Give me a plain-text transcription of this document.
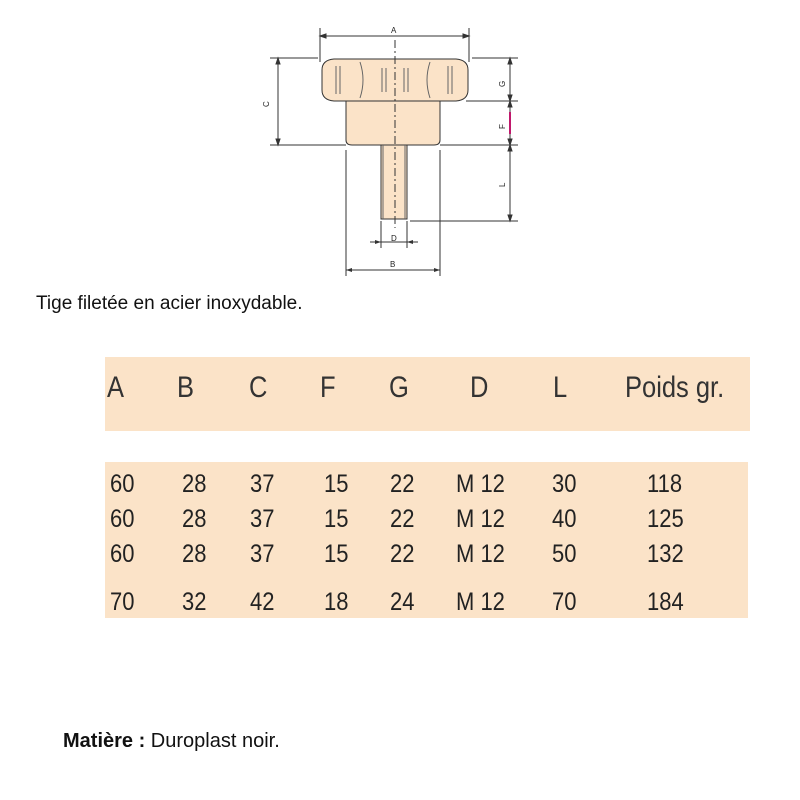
A
C
G
F
L
D
B
Tige filetée en acier inoxydable.
A B C F G D L Poids gr.
60 28 37 15 22 M 12 30	118
60 28 37 15 22 M 12 40	125
60 28 37 15 22 M 12 50	132
70 32 42 18 24 M 12 70	184
Matière : Duroplast noir.
